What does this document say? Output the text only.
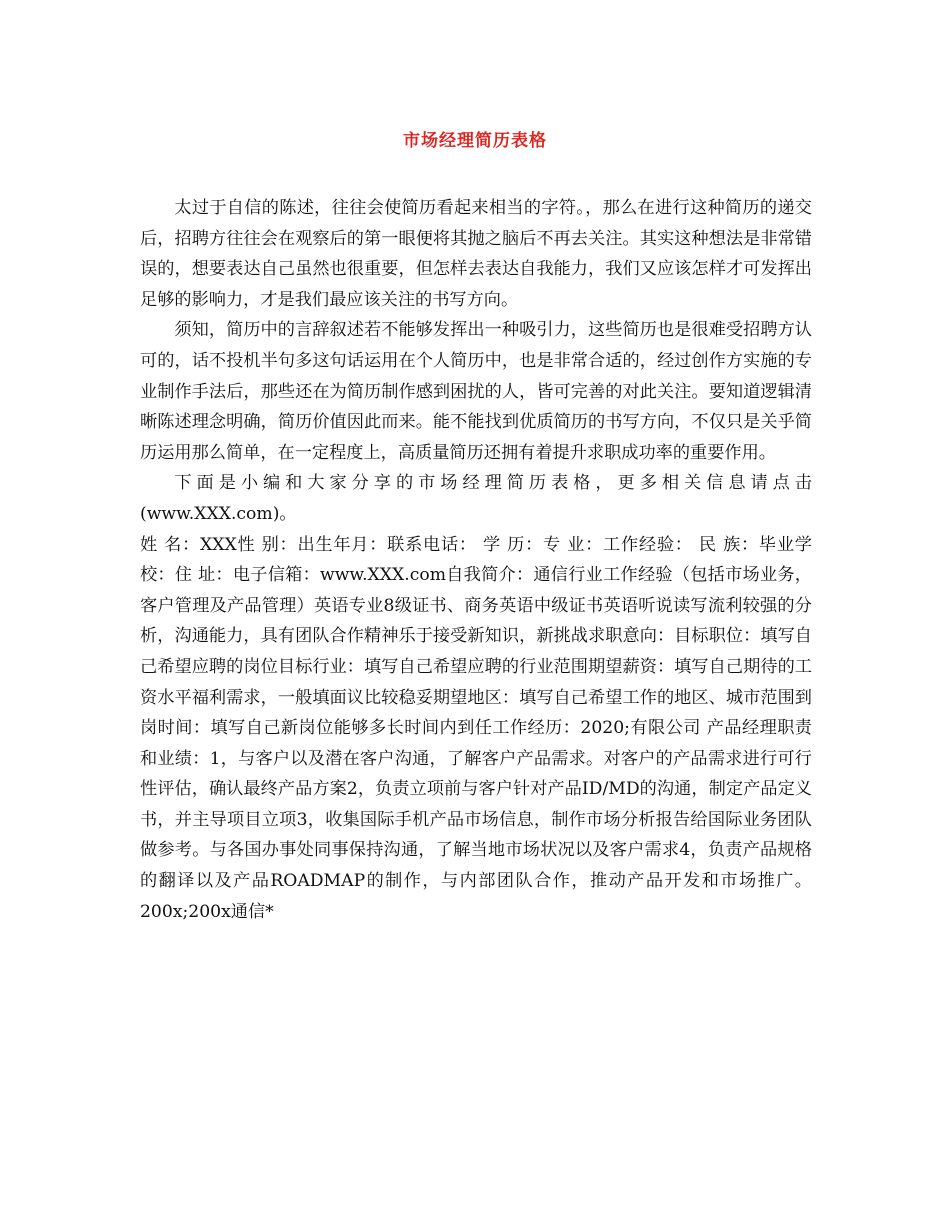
市场经理简历表格

太过于自信的陈述，往往会使简历看起来相当的字符。，那么在进行这种简历的递交后，招聘方往往会在观察后的第一眼便将其抛之脑后不再去关注。其实这种想法是非常错误的，想要表达自己虽然也很重要，但怎样去表达自我能力，我们又应该怎样才可发挥出足够的影响力，才是我们最应该关注的书写方向。

须知，简历中的言辞叙述若不能够发挥出一种吸引力，这些简历也是很难受招聘方认可的，话不投机半句多这句话运用在个人简历中，也是非常合适的，经过创作方实施的专业制作手法后，那些还在为简历制作感到困扰的人，皆可完善的对此关注。要知道逻辑清晰陈述理念明确，简历价值因此而来。能不能找到优质简历的书写方向，不仅只是关乎简历运用那么简单，在一定程度上，高质量简历还拥有着提升求职成功率的重要作用。

下面是小编和大家分享的市场经理简历表格，更多相关信息请点击(www.XXX.com)。

姓 名：XXX性 别：出生年月：联系电话： 学 历：专 业：工作经验： 民 族：毕业学校：住 址：电子信箱：www.XXX.com自我简介：通信行业工作经验（包括市场业务，客户管理及产品管理）英语专业8级证书、商务英语中级证书英语听说读写流利较强的分析，沟通能力，具有团队合作精神乐于接受新知识，新挑战求职意向：目标职位：填写自己希望应聘的岗位目标行业：填写自己希望应聘的行业范围期望薪资：填写自己期待的工资水平福利需求，一般填面议比较稳妥期望地区：填写自己希望工作的地区、城市范围到岗时间：填写自己新岗位能够多长时间内到任工作经历：2020;有限公司 产品经理职责和业绩：1，与客户以及潜在客户沟通，了解客户产品需求。对客户的产品需求进行可行性评估，确认最终产品方案2，负责立项前与客户针对产品ID/MD的沟通，制定产品定义书，并主导项目立项3，收集国际手机产品市场信息，制作市场分析报告给国际业务团队做参考。与各国办事处同事保持沟通，了解当地市场状况以及客户需求4，负责产品规格的翻译以及产品ROADMAP的制作，与内部团队合作，推动产品开发和市场推广。200x;200x通信*
